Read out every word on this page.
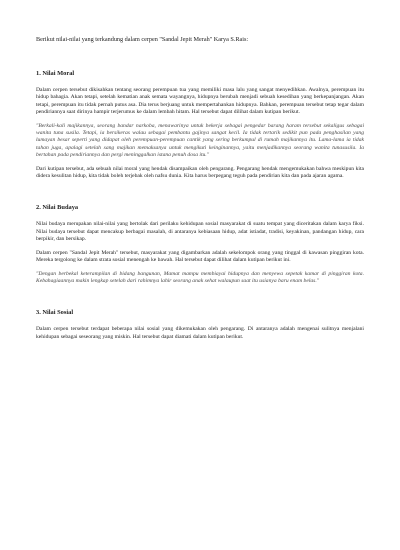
Berikut nilai-nilai yang terkandung dalam cerpen "Sandal Jepit Merah" Karya S.Rais:

1. Nilai Moral

Dalam cerpen tersebut dikisahkan tentang seorang perempuan tua yang memiliki masa lalu yang sangat menyedihkan. Awalnya, perempuan itu hidup bahagia. Akan tetapi, setelah kematian anak semata wayangnya, hidupnya berubah menjadi sebuah kesedihan yang berkepanjangan. Akan tetapi, perempuan itu tidak pernah putus asa. Dia terus berjuang untuk mempertahankan hidupnya. Bahkan, perempuan tersebut tetap tegar dalam pendiriannya saat dirinya hampir terjerumus ke dalam lembah hitam. Hal tersebut dapat dilihat dalam kutipan berikut.

"Berkali-kali majikannya, seorang bandar narkoba, menawarinya untuk bekerja sebagai pengedar barang haram tersebut sekaligus sebagai wanita tuna susila. Tetapi, ia bersikeras walau sebagai pembantu gajinya sangat kecil. Ia tidak tertarik sedikit pun pada penghasilan yang lumayan besar seperti yang didapat oleh perempuan-perempuan cantik yang sering berkumpul di rumah majikannya itu. Lama-lama ia tidak tahan juga, apalagi setelah sang majikan memaksanya untuk mengikuti keinginannya, yaitu menjadikannya seorang wanita tunasusila. Ia bertahan pada pendiriannya dan pergi meninggalkan istana penuh dosa itu."

Dari kutipan tersebut, ada sebuah nilai moral yang hendak disampaikan oleh pengarang. Pengarang hendak mengemukakan bahwa meskipun kita didera kesulitan hidup, kita tidak boleh terjebak oleh nafsu dunia. Kita harus berpegang teguh pada pendirian kita dan pada ajaran agama.

2. Nilai Budaya

Nilai budaya merupakan nilai-nilai yang bertolak dari perilaku kehidupan sosial masyarakat di suatu tempat yang diceritakan dalam karya fiksi. Nilai budaya tersebut dapat mencakup berbagai masalah, di antaranya kebiasaan hidup, adat istiadat, tradisi, keyakinan, pandangan hidup, cara berpikir, dan bersikap.

Dalam cerpen "Sandal Jepit Merah" tersebut, masyarakat yang digambarkan adalah sekelompok orang yang tinggal di kawasan pinggiran kota. Mereka tergolong ke dalam strata sosial menengah ke bawah. Hal tersebut dapat dilihat dalam kutipan berikut ini.

"Dengan berbekal keterampilan di bidang bangunan, Mamat mampu membiayai hidupnya dan menyewa sepetak kamar di pinggiran kota. Kebahagiaannya makin lengkap setelah dari rahimnya lahir seorang anak sehat walaupun saat itu usianya baru enam belas."

3. Nilai Sosial

Dalam cerpen tersebut terdapat beberapa nilai sosial yang dikemukakan oleh pengarang. Di antaranya adalah mengenai sulitnya menjalani kehidupan sebagai seseorang yang miskin. Hal tersebut dapat diamati dalam kutipan berikut.
